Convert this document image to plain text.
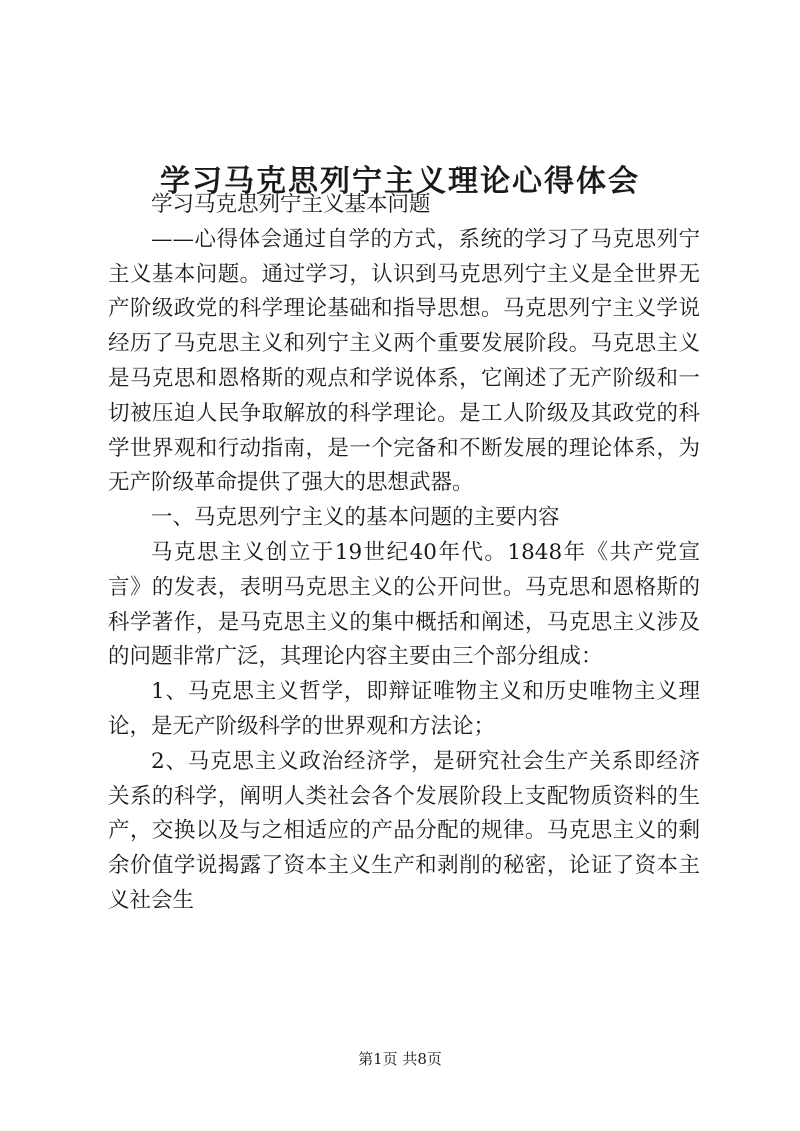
学习马克思列宁主义理论心得体会

学习马克思列宁主义基本问题

——心得体会通过自学的方式，系统的学习了马克思列宁主义基本问题。通过学习，认识到马克思列宁主义是全世界无产阶级政党的科学理论基础和指导思想。马克思列宁主义学说经历了马克思主义和列宁主义两个重要发展阶段。马克思主义是马克思和恩格斯的观点和学说体系，它阐述了无产阶级和一切被压迫人民争取解放的科学理论。是工人阶级及其政党的科学世界观和行动指南，是一个完备和不断发展的理论体系，为无产阶级革命提供了强大的思想武器。

一、马克思列宁主义的基本问题的主要内容

马克思主义创立于19世纪40年代。1848年《共产党宣言》的发表，表明马克思主义的公开问世。马克思和恩格斯的科学著作，是马克思主义的集中概括和阐述，马克思主义涉及的问题非常广泛，其理论内容主要由三个部分组成：

1、马克思主义哲学，即辩证唯物主义和历史唯物主义理论，是无产阶级科学的世界观和方法论；

2、马克思主义政治经济学，是研究社会生产关系即经济关系的科学，阐明人类社会各个发展阶段上支配物质资料的生产，交换以及与之相适应的产品分配的规律。马克思主义的剩余价值学说揭露了资本主义生产和剥削的秘密，论证了资本主义社会生

第1页 共8页
